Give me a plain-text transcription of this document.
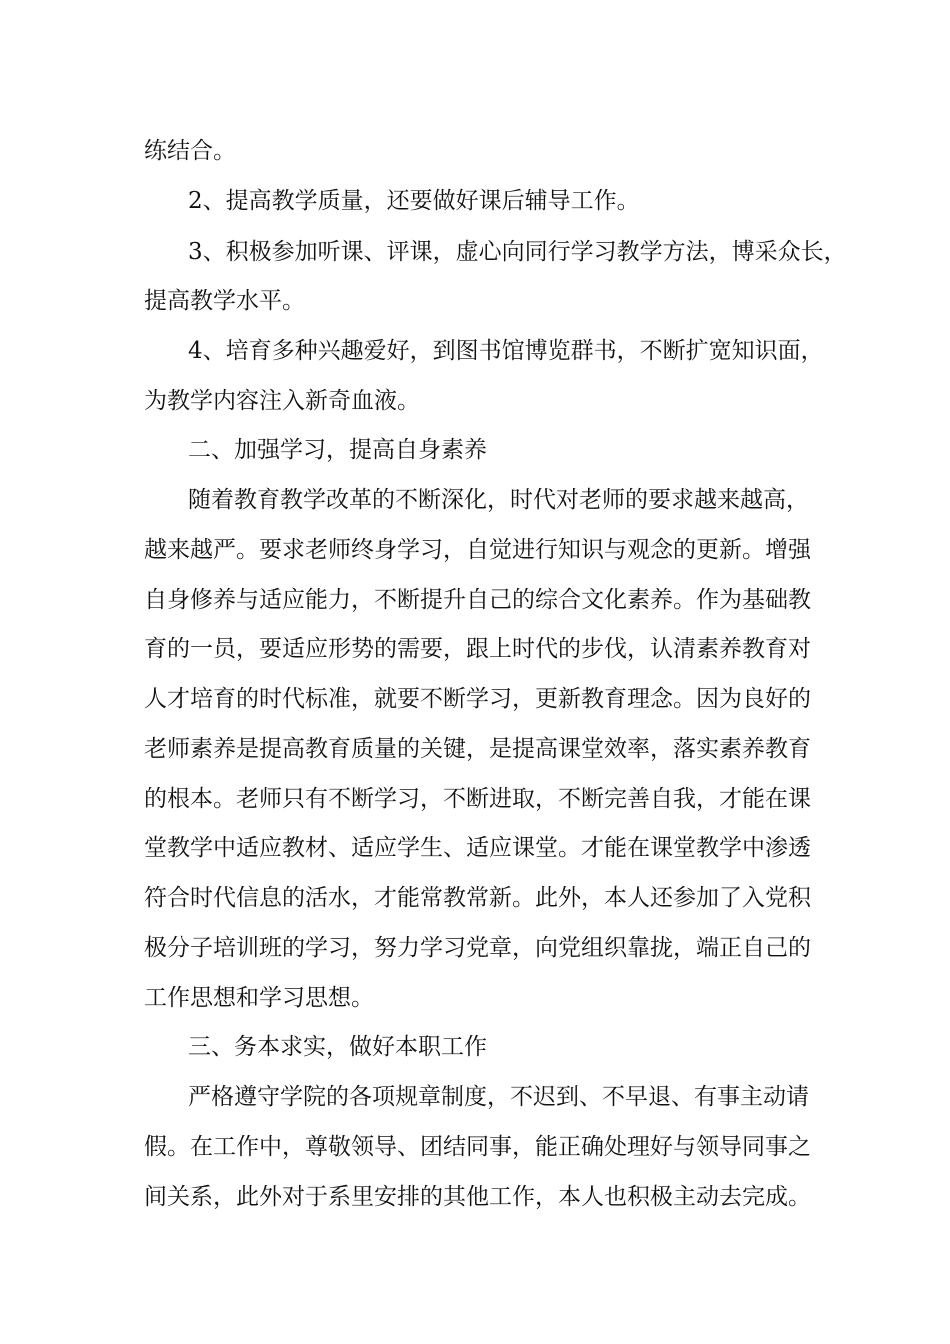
练结合。
2、提高教学质量，还要做好课后辅导工作。
3、积极参加听课、评课，虚心向同行学习教学方法，博采众长，
提高教学水平。
4、培育多种兴趣爱好，到图书馆博览群书，不断扩宽知识面，
为教学内容注入新奇血液。
二、加强学习，提高自身素养
随着教育教学改革的不断深化，时代对老师的要求越来越高，
越来越严。要求老师终身学习，自觉进行知识与观念的更新。增强
自身修养与适应能力，不断提升自己的综合文化素养。作为基础教
育的一员，要适应形势的需要，跟上时代的步伐，认清素养教育对
人才培育的时代标准，就要不断学习，更新教育理念。因为良好的
老师素养是提高教育质量的关键，是提高课堂效率，落实素养教育
的根本。老师只有不断学习，不断进取，不断完善自我，才能在课
堂教学中适应教材、适应学生、适应课堂。才能在课堂教学中渗透
符合时代信息的活水，才能常教常新。此外，本人还参加了入党积
极分子培训班的学习，努力学习党章，向党组织靠拢，端正自己的
工作思想和学习思想。
三、务本求实，做好本职工作
严格遵守学院的各项规章制度，不迟到、不早退、有事主动请
假。在工作中，尊敬领导、团结同事，能正确处理好与领导同事之
间关系，此外对于系里安排的其他工作，本人也积极主动去完成。
